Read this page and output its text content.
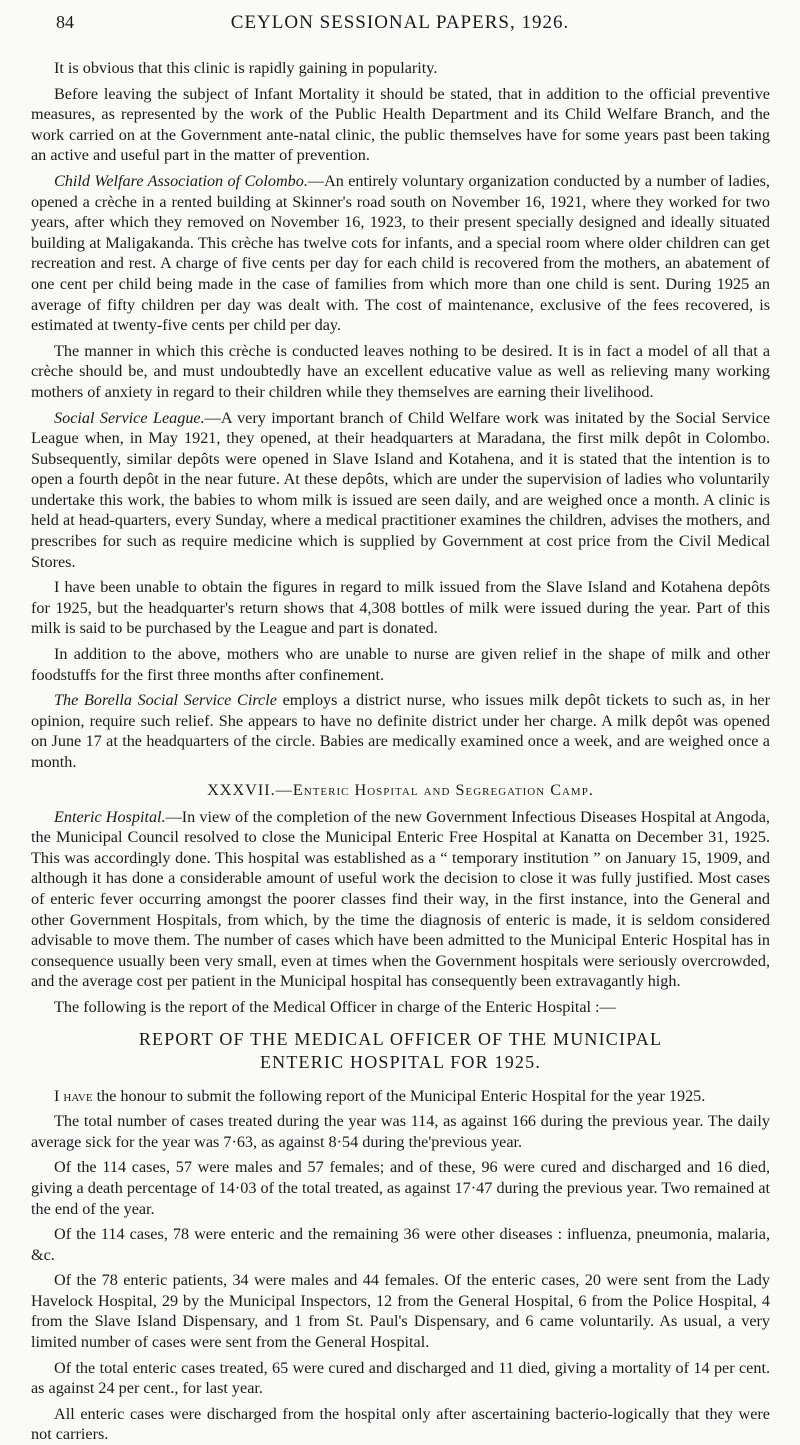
84	CEYLON SESSIONAL PAPERS, 1926.

It is obvious that this clinic is rapidly gaining in popularity.

Before leaving the subject of Infant Mortality it should be stated, that in addition to the official preventive measures, as represented by the work of the Public Health Department and its Child Welfare Branch, and the work carried on at the Government ante-natal clinic, the public themselves have for some years past been taking an active and useful part in the matter of prevention.

Child Welfare Association of Colombo.—An entirely voluntary organization conducted by a number of ladies, opened a crèche in a rented building at Skinner's road south on November 16, 1921, where they worked for two years, after which they removed on November 16, 1923, to their present specially designed and ideally situated building at Maligakanda. This crèche has twelve cots for infants, and a special room where older children can get recreation and rest. A charge of five cents per day for each child is recovered from the mothers, an abatement of one cent per child being made in the case of families from which more than one child is sent. During 1925 an average of fifty children per day was dealt with. The cost of maintenance, exclusive of the fees recovered, is estimated at twenty-five cents per child per day.

The manner in which this crèche is conducted leaves nothing to be desired. It is in fact a model of all that a crèche should be, and must undoubtedly have an excellent educative value as well as relieving many working mothers of anxiety in regard to their children while they themselves are earning their livelihood.

Social Service League.—A very important branch of Child Welfare work was initated by the Social Service League when, in May 1921, they opened, at their headquarters at Maradana, the first milk depôt in Colombo. Subsequently, similar depôts were opened in Slave Island and Kotahena, and it is stated that the intention is to open a fourth depôt in the near future. At these depôts, which are under the supervision of ladies who voluntarily undertake this work, the babies to whom milk is issued are seen daily, and are weighed once a month. A clinic is held at head-quarters, every Sunday, where a medical practitioner examines the children, advises the mothers, and prescribes for such as require medicine which is supplied by Government at cost price from the Civil Medical Stores.

I have been unable to obtain the figures in regard to milk issued from the Slave Island and Kotahena depôts for 1925, but the headquarter's return shows that 4,308 bottles of milk were issued during the year. Part of this milk is said to be purchased by the League and part is donated.

In addition to the above, mothers who are unable to nurse are given relief in the shape of milk and other foodstuffs for the first three months after confinement.

The Borella Social Service Circle employs a district nurse, who issues milk depôt tickets to such as, in her opinion, require such relief. She appears to have no definite district under her charge. A milk depôt was opened on June 17 at the headquarters of the circle. Babies are medically examined once a week, and are weighed once a month.

XXXVII.—Enteric Hospital and Segregation Camp.

Enteric Hospital.—In view of the completion of the new Government Infectious Diseases Hospital at Angoda, the Municipal Council resolved to close the Municipal Enteric Free Hospital at Kanatta on December 31, 1925. This was accordingly done. This hospital was established as a “ temporary institution ” on January 15, 1909, and although it has done a considerable amount of useful work the decision to close it was fully justified. Most cases of enteric fever occurring amongst the poorer classes find their way, in the first instance, into the General and other Government Hospitals, from which, by the time the diagnosis of enteric is made, it is seldom considered advisable to move them. The number of cases which have been admitted to the Municipal Enteric Hospital has in consequence usually been very small, even at times when the Government hospitals were seriously overcrowded, and the average cost per patient in the Municipal hospital has consequently been extravagantly high.

The following is the report of the Medical Officer in charge of the Enteric Hospital :—

REPORT OF THE MEDICAL OFFICER OF THE MUNICIPAL
ENTERIC HOSPITAL FOR 1925.

I have the honour to submit the following report of the Municipal Enteric Hospital for the year 1925.

The total number of cases treated during the year was 114, as against 166 during the previous year. The daily average sick for the year was 7·63, as against 8·54 during the'previous year.

Of the 114 cases, 57 were males and 57 females; and of these, 96 were cured and discharged and 16 died, giving a death percentage of 14·03 of the total treated, as against 17·47 during the previous year. Two remained at the end of the year.

Of the 114 cases, 78 were enteric and the remaining 36 were other diseases : influenza, pneumonia, malaria, &c.

Of the 78 enteric patients, 34 were males and 44 females. Of the enteric cases, 20 were sent from the Lady Havelock Hospital, 29 by the Municipal Inspectors, 12 from the General Hospital, 6 from the Police Hospital, 4 from the Slave Island Dispensary, and 1 from St. Paul's Dispensary, and 6 came voluntarily. As usual, a very limited number of cases were sent from the General Hospital.

Of the total enteric cases treated, 65 were cured and discharged and 11 died, giving a mortality of 14 per cent. as against 24 per cent., for last year.

All enteric cases were discharged from the hospital only after ascertaining bacterio-logically that they were not carriers.
